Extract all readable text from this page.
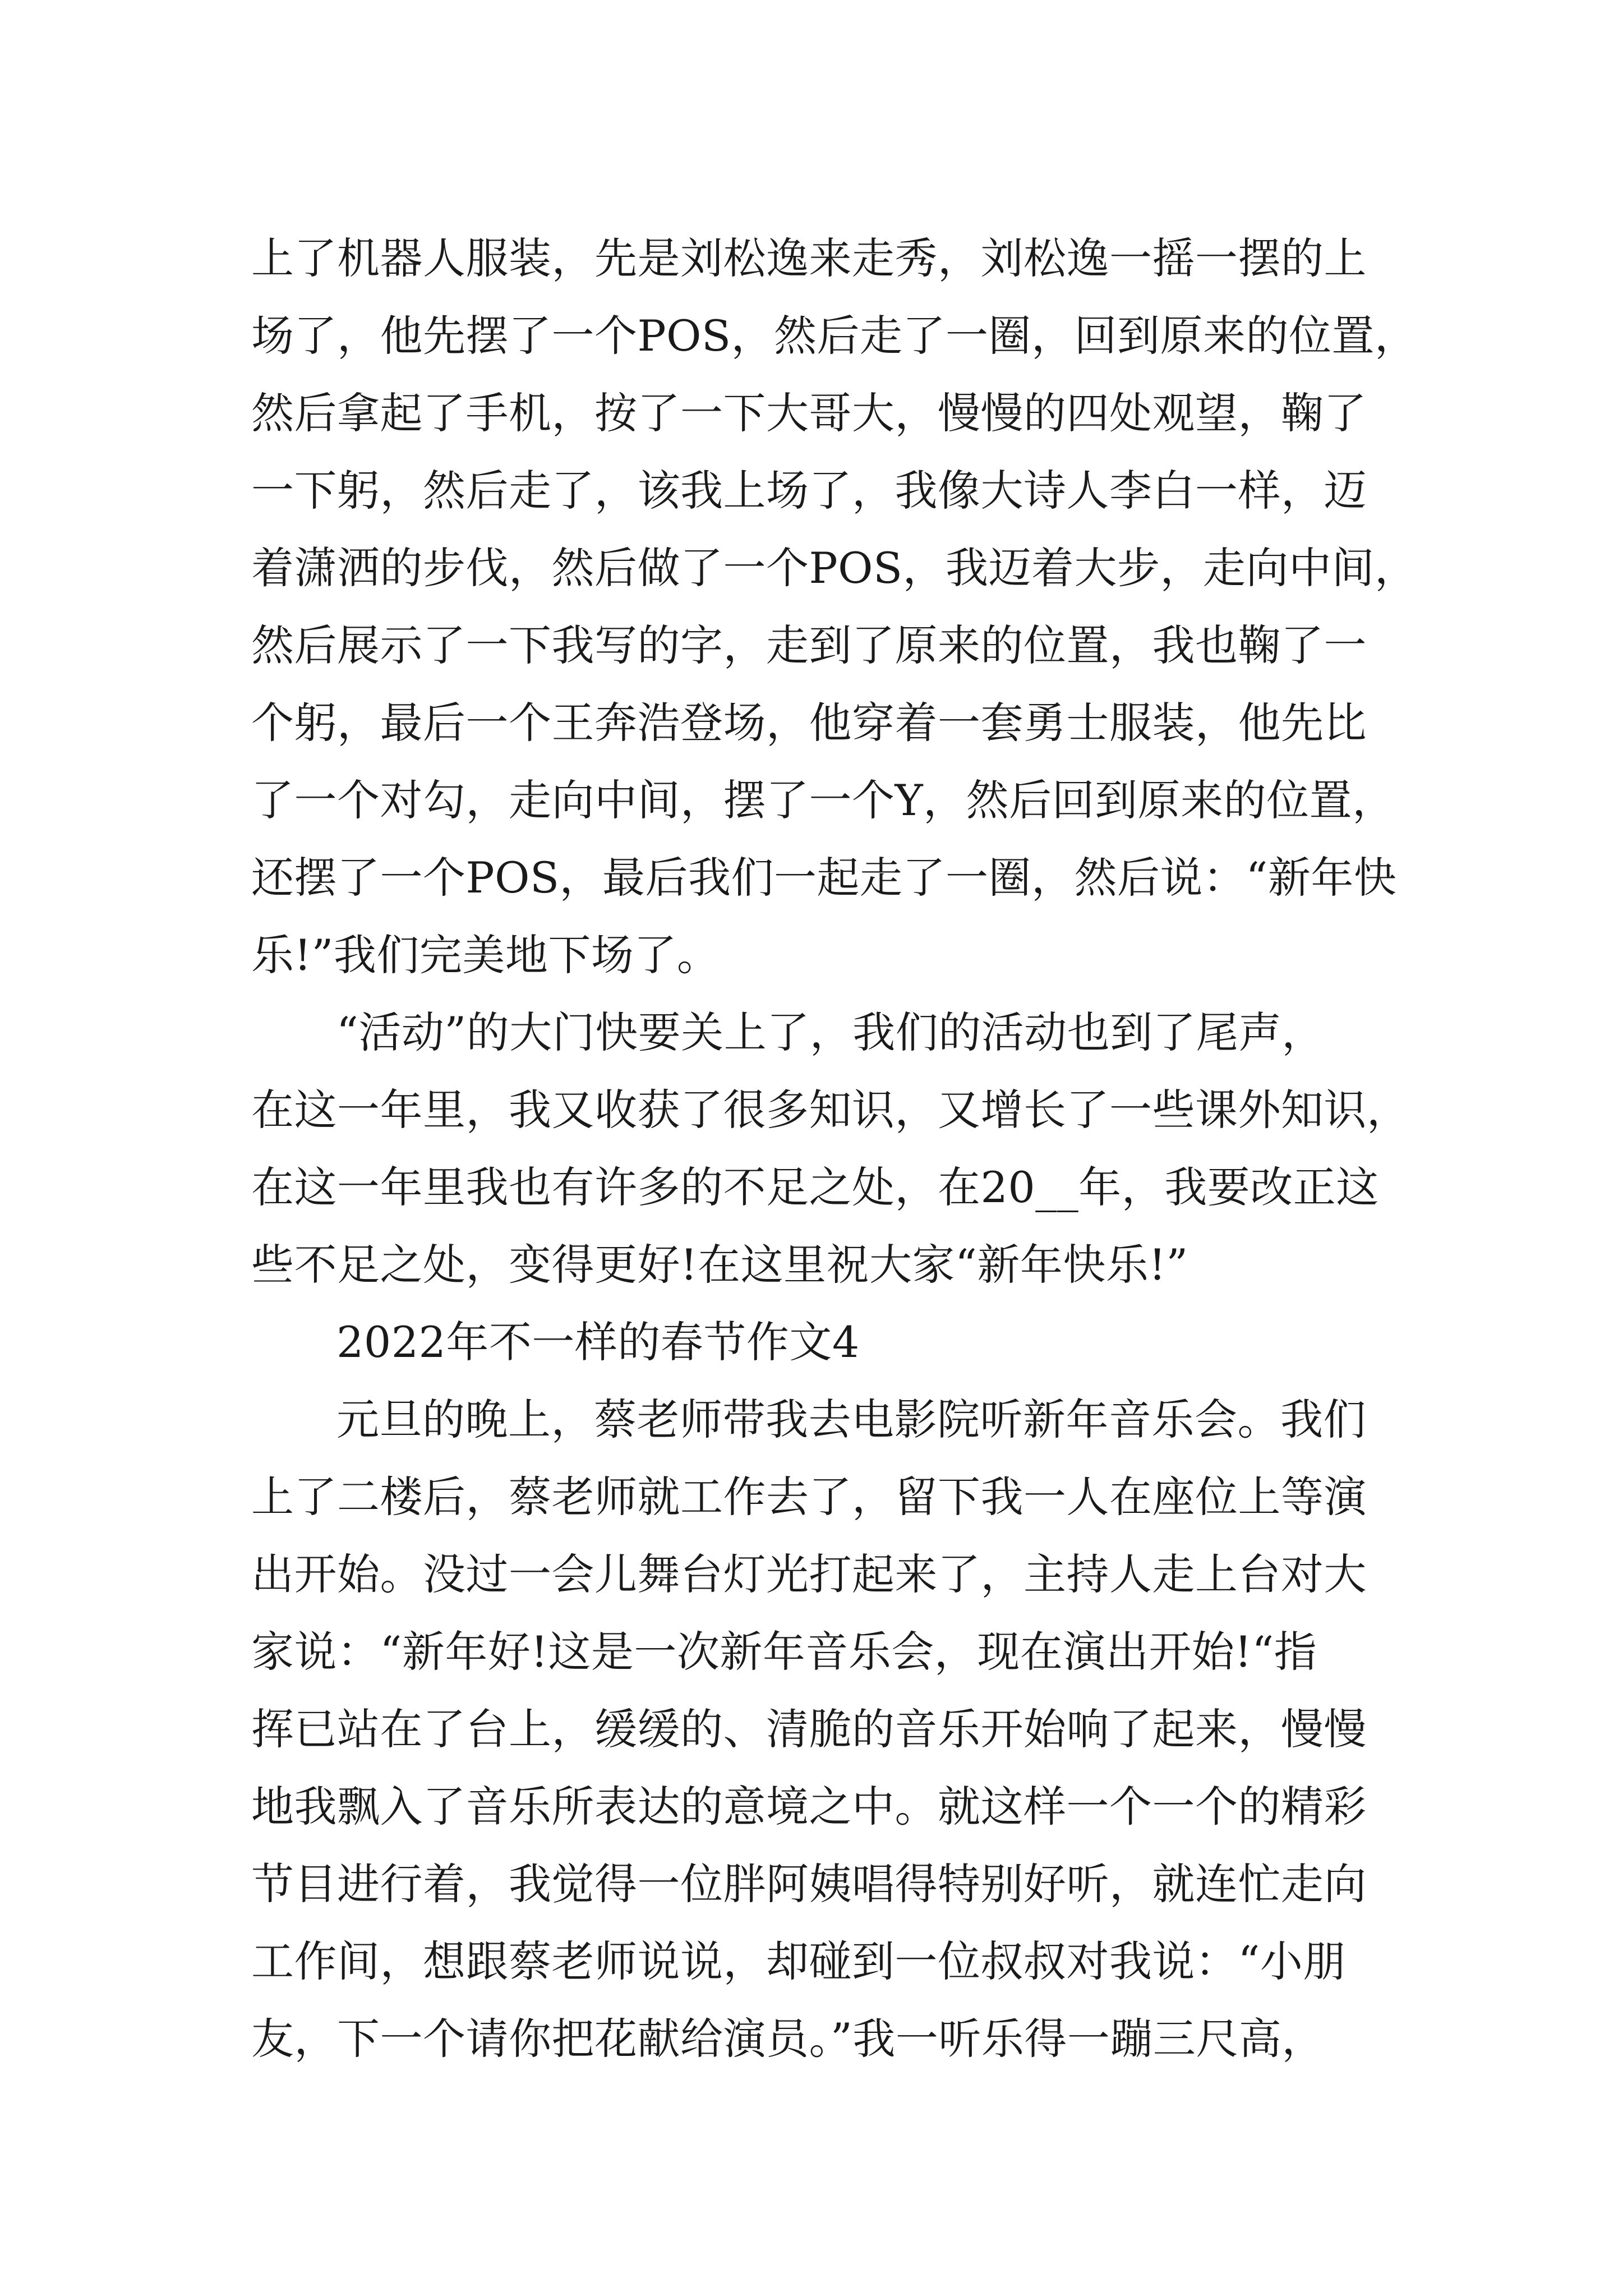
上了机器人服装，先是刘松逸来走秀，刘松逸一摇一摆的上
场了，他先摆了一个POS，然后走了一圈，回到原来的位置，
然后拿起了手机，按了一下大哥大，慢慢的四处观望，鞠了
一下躬，然后走了，该我上场了，我像大诗人李白一样，迈
着潇洒的步伐，然后做了一个POS，我迈着大步，走向中间，
然后展示了一下我写的字，走到了原来的位置，我也鞠了一
个躬，最后一个王奔浩登场，他穿着一套勇士服装，他先比
了一个对勾，走向中间，摆了一个Y，然后回到原来的位置，
还摆了一个POS，最后我们一起走了一圈，然后说：“新年快
乐!”我们完美地下场了。
“活动”的大门快要关上了，我们的活动也到了尾声，
在这一年里，我又收获了很多知识，又增长了一些课外知识，
在这一年里我也有许多的不足之处，在20__年，我要改正这
些不足之处，变得更好!在这里祝大家“新年快乐!”
2022年不一样的春节作文4
元旦的晚上，蔡老师带我去电影院听新年音乐会。我们
上了二楼后，蔡老师就工作去了，留下我一人在座位上等演
出开始。没过一会儿舞台灯光打起来了，主持人走上台对大
家说：“新年好!这是一次新年音乐会，现在演出开始!“指
挥已站在了台上，缓缓的、清脆的音乐开始响了起来，慢慢
地我飘入了音乐所表达的意境之中。就这样一个一个的精彩
节目进行着，我觉得一位胖阿姨唱得特别好听，就连忙走向
工作间，想跟蔡老师说说，却碰到一位叔叔对我说：“小朋
友，下一个请你把花献给演员。”我一听乐得一蹦三尺高，
